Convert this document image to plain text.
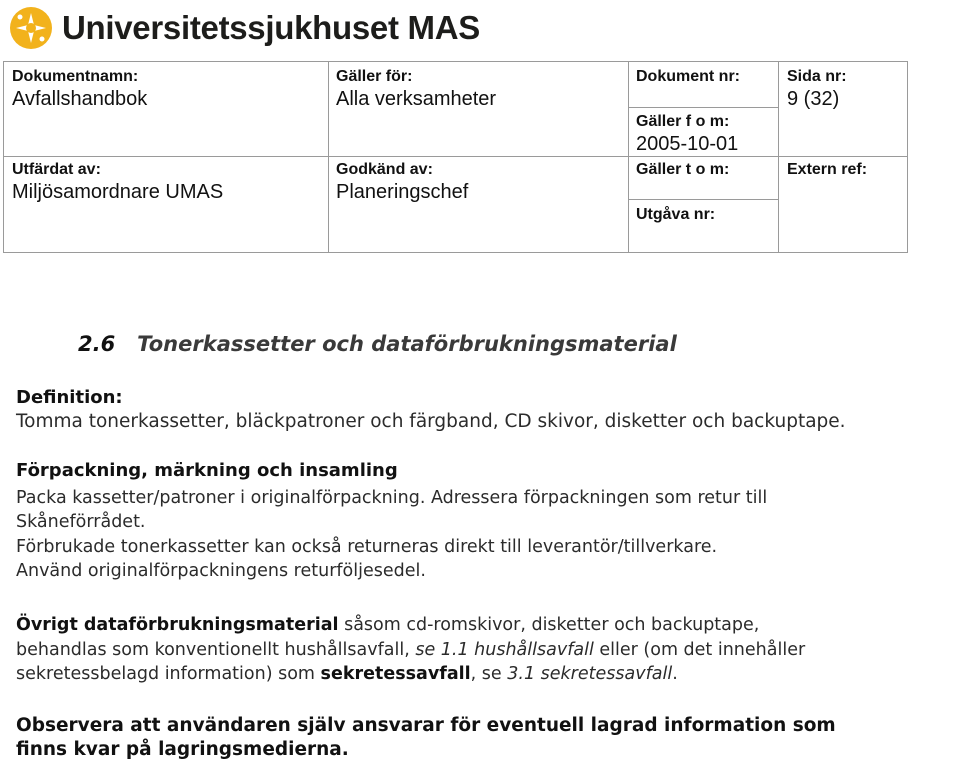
Universitetssjukhuset MAS
Dokumentnamn:
Avfallshandbok
Gäller för:
Alla verksamheter
Dokument nr:	Sida nr:
9 (32)
Gäller f o m:
2005-10-01
Utfärdat av:
Miljösamordnare UMAS
Godkänd av:
Planeringschef
Gäller t o m:	Extern ref:
Utgåva nr:
2.6 Tonerkassetter och dataförbrukningsmaterial
Definition:
Tomma tonerkassetter, bläckpatroner och färgband, CD skivor, disketter och backuptape.
Förpackning, märkning och insamling
Packa kassetter/patroner i originalförpackning. Adressera förpackningen som retur till
Skåneförrådet.
Förbrukade tonerkassetter kan också returneras direkt till leverantör/tillverkare.
Använd originalförpackningens returföljesedel.
Övrigt dataförbrukningsmaterial såsom cd-romskivor, disketter och backuptape,
behandlas som konventionellt hushållsavfall, se 1.1 hushållsavfall eller (om det innehåller
sekretessbelagd information) som sekretessavfall, se 3.1 sekretessavfall.
Observera att användaren själv ansvarar för eventuell lagrad information som
finns kvar på lagringsmedierna.
